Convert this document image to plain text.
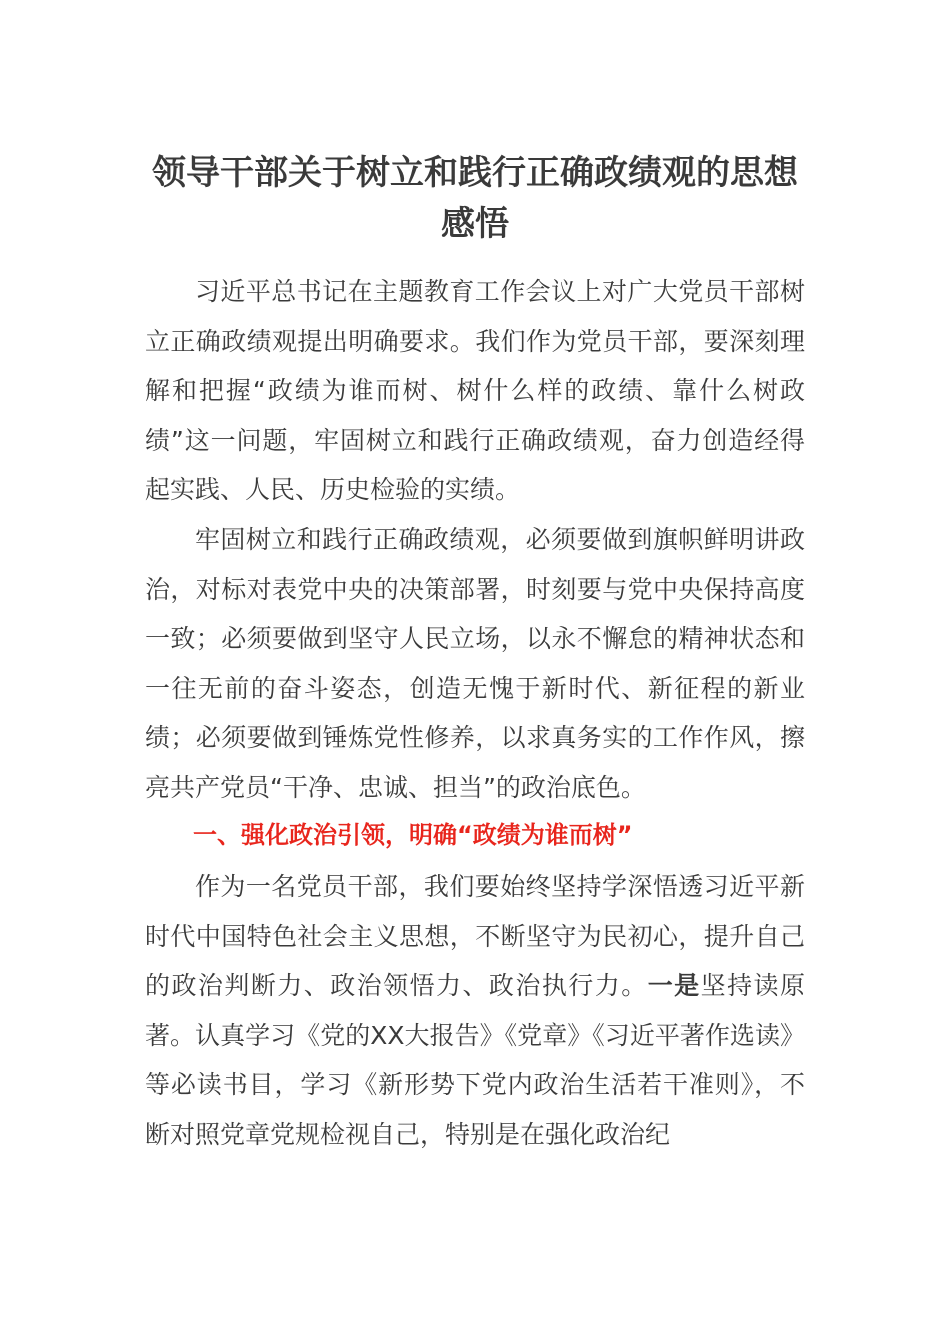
领导干部关于树立和践行正确政绩观的思想感悟

习近平总书记在主题教育工作会议上对广大党员干部树立正确政绩观提出明确要求。我们作为党员干部，要深刻理解和把握“政绩为谁而树、树什么样的政绩、靠什么树政绩”这一问题，牢固树立和践行正确政绩观，奋力创造经得起实践、人民、历史检验的实绩。

牢固树立和践行正确政绩观，必须要做到旗帜鲜明讲政治，对标对表党中央的决策部署，时刻要与党中央保持高度一致；必须要做到坚守人民立场，以永不懈怠的精神状态和一往无前的奋斗姿态，创造无愧于新时代、新征程的新业绩；必须要做到锤炼党性修养，以求真务实的工作作风，擦亮共产党员“干净、忠诚、担当”的政治底色。

一、强化政治引领，明确“政绩为谁而树”

作为一名党员干部，我们要始终坚持学深悟透习近平新时代中国特色社会主义思想，不断坚守为民初心，提升自己的政治判断力、政治领悟力、政治执行力。一是坚持读原著。认真学习《党的XX大报告》《党章》《习近平著作选读》等必读书目，学习《新形势下党内政治生活若干准则》，不断对照党章党规检视自己，特别是在强化政治纪
